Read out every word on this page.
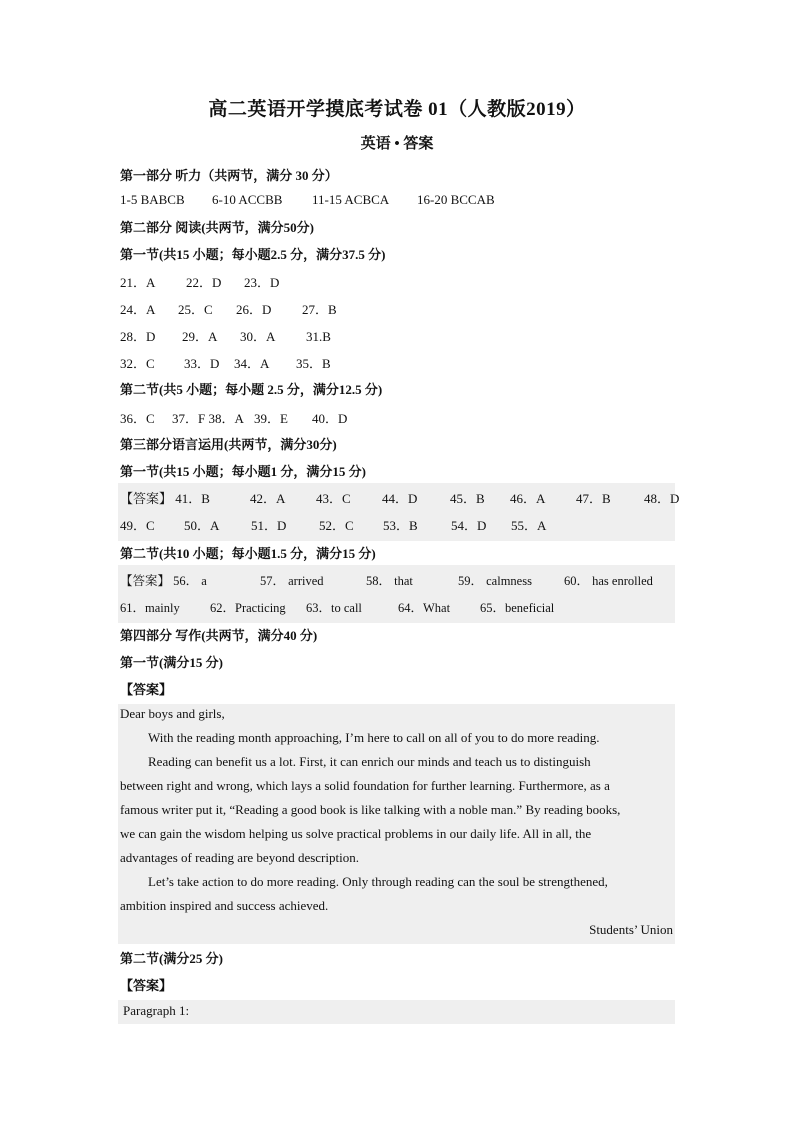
高二英语开学摸底考试卷 01（人教版2019）
英语 • 答案
第一部分 听力（共两节，满分 30 分）
1-5 BABCB 6-10 ACCBB 11-15 ACBCA 16-20 BCCAB
第二部分 阅读(共两节，满分50分)
第一节(共15 小题；每小题2.5 分，满分37.5 分)
21．A 22．D 23．D
24．A 25．C 26．D 27．B
28．D 29．A 30．A 31.B
32．C 33．D 34．A 35．B
第二节(共5 小题；每小题 2.5 分，满分12.5 分)
36．C 37．F 38．A 39．E 40．D
第三部分语言运用(共两节，满分30分)
第一节(共15 小题；每小题1 分，满分15 分)
【答案】 41．B	42．A 43．C 44．D	45．B 46．A 47．B	48．D
49．C 50．A 51．D	52．C 53．B	54．D 55．A
第二节(共10 小题；每小题1.5 分，满分15 分)
【答案】 56． a	57． arrived	58． that	59． calmness	60． has enrolled
61．mainly 62．Practicing 63．to call	64．What 65．beneficial
第四部分 写作(共两节，满分40 分)
第一节(满分15 分)
【答案】

Dear boys and girls,

With the reading month approaching, I’m here to call on all of you to do more reading.

Reading can benefit us a lot. First, it can enrich our minds and teach us to distinguish

between right and wrong, which lays a solid foundation for further learning. Furthermore, as a

famous writer put it, “Reading a good book is like talking with a noble man.” By reading books,

we can gain the wisdom helping us solve practical problems in our daily life. All in all, the

advantages of reading are beyond description.

Let’s take action to do more reading. Only through reading can the soul be strengthened,

ambition inspired and success achieved.

Students’ Union

第二节(满分25 分)
【答案】
Paragraph 1:
